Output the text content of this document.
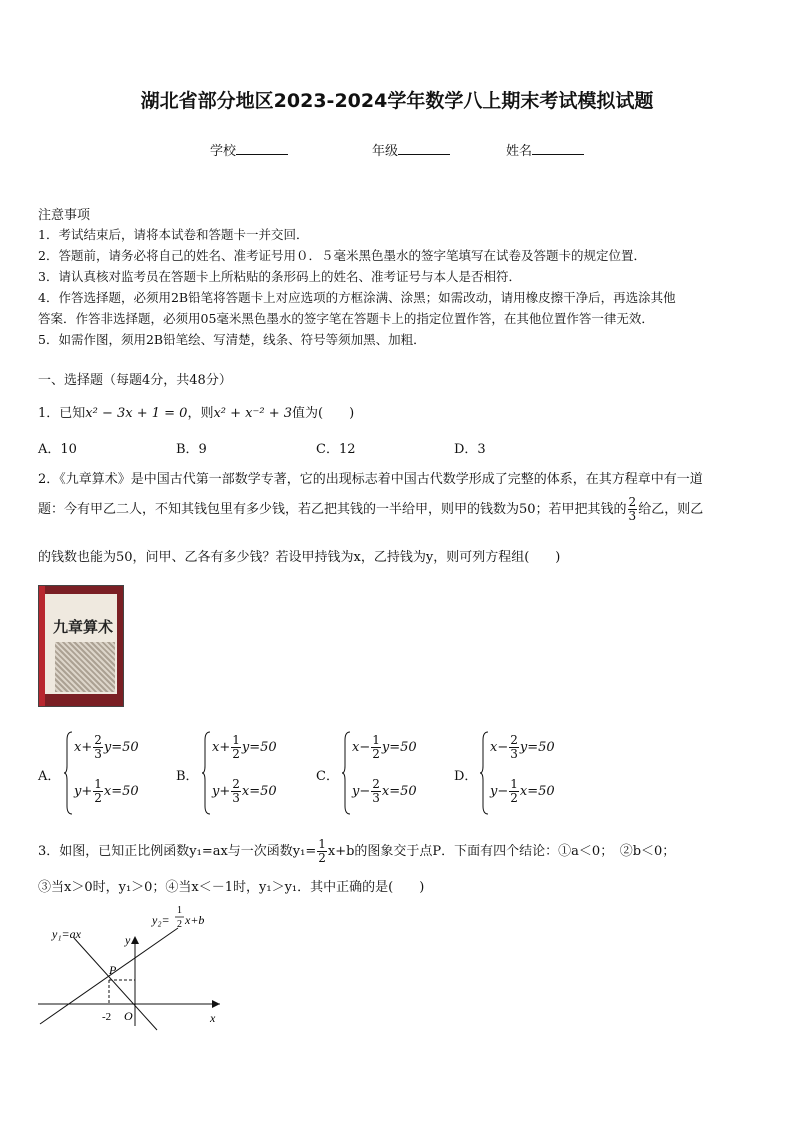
湖北省部分地区2023-2024学年数学八上期末考试模拟试题
学校	年级	姓名
注意事项
1．考试结束后，请将本试卷和答题卡一并交回．
2．答题前，请务必将自己的姓名、准考证号用０．５毫米黑色墨水的签字笔填写在试卷及答题卡的规定位置．
3．请认真核对监考员在答题卡上所粘贴的条形码上的姓名、准考证号与本人是否相符．
4．作答选择题，必须用2B铅笔将答题卡上对应选项的方框涂满、涂黑；如需改动，请用橡皮擦干净后，再选涂其他
答案．作答非选择题，必须用05毫米黑色墨水的签字笔在答题卡上的指定位置作答，在其他位置作答一律无效．
5．如需作图，须用2B铅笔绘、写清楚，线条、符号等须加黑、加粗．
一、选择题（每题4分，共48分）
1．已知x² − 3x + 1 = 0，则x² + x⁻² + 3值为(　　)
A．10	B．9	C．12	D．3
2．《九章算术》是中国古代第一部数学专著，它的出现标志着中国古代数学形成了完整的体系，在其方程章中有一道
题：今有甲乙二人，不知其钱包里有多少钱，若乙把其钱的一半给甲，则甲的钱数为50；若甲把其钱的 $\frac{2}{3}$ 给乙，则乙
的钱数也能为50，问甲、乙各有多少钱？若设甲持钱为x，乙持钱为y，则可列方程组(　　)
九章算术
A．
$x+ \frac{2}{3} y=50$
$y+ \frac{1}{2} x=50$
B．
$x+ \frac{1}{2} y=50$
$y+ \frac{2}{3} x=50$
C．
$x- \frac{1}{2} y=50$
$y- \frac{2}{3} x=50$
D．
$x- \frac{2}{3} y=50$
$y- \frac{1}{2} x=50$
3．如图，已知正比例函数y₁=ax与一次函数$y_1= \frac{1}{2} x+b$的图象交于点P．下面有四个结论：①a＜0；　②b＜0；
③当x＞0时，y₁＞0；④当x＜－1时，y₁＞y₁．其中正确的是(　　)
y₁=ax
y₂=
1
2 x+b
P
y
x
O
-2
